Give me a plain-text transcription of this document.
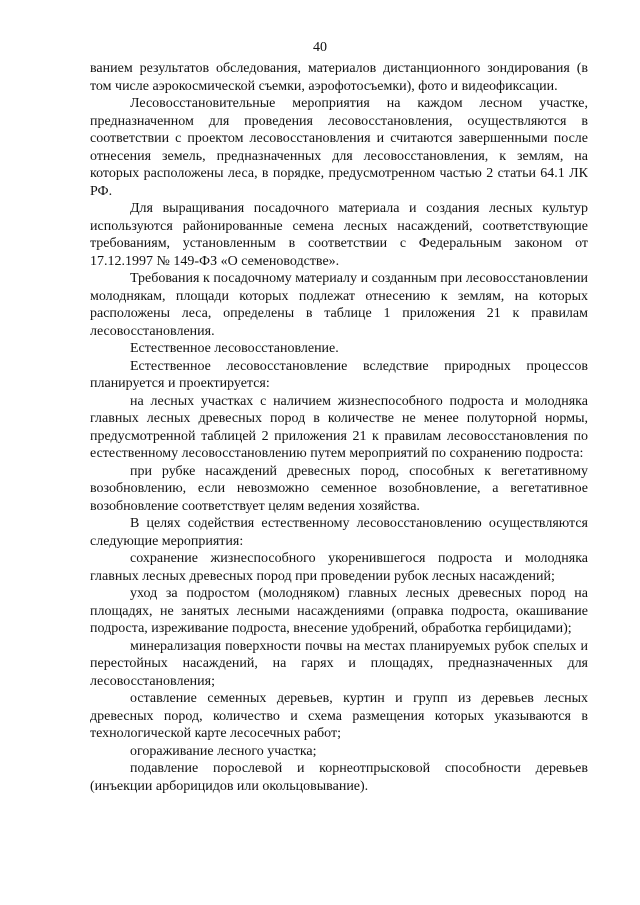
40

ванием результатов обследования, материалов дистанционного зондирования (в том числе аэрокосмической съемки, аэрофотосъемки), фото и видеофиксации.

Лесовосстановительные мероприятия на каждом лесном участке, предназначенном для проведения лесовосстановления, осуществляются в соответствии с проектом лесовосстановления и считаются завершенными после отнесения земель, предназначенных для лесовосстановления, к землям, на которых расположены леса, в порядке, предусмотренном частью 2 статьи 64.1 ЛК РФ.

Для выращивания посадочного материала и создания лесных культур используются районированные семена лесных насаждений, соответствующие требованиям, установленным в соответствии с Федеральным законом от 17.12.1997 № 149-ФЗ «О семеноводстве».

Требования к посадочному материалу и созданным при лесовосстановлении молоднякам, площади которых подлежат отнесению к землям, на которых расположены леса, определены в таблице 1 приложения 21 к правилам лесовосстановления.

Естественное лесовосстановление.

Естественное лесовосстановление вследствие природных процессов планируется и проектируется:

на лесных участках с наличием жизнеспособного подроста и молодняка главных лесных древесных пород в количестве не менее полуторной нормы, предусмотренной таблицей 2 приложения 21 к правилам лесовосстановления по естественному лесовосстановлению путем мероприятий по сохранению подроста:

при рубке насаждений древесных пород, способных к вегетативному возобновлению, если невозможно семенное возобновление, а вегетативное возобновление соответствует целям ведения хозяйства.

В целях содействия естественному лесовосстановлению осуществляются следующие мероприятия:

сохранение жизнеспособного укоренившегося подроста и молодняка главных лесных древесных пород при проведении рубок лесных насаждений;

уход за подростом (молодняком) главных лесных древесных пород на площадях, не занятых лесными насаждениями (оправка подроста, окашивание подроста, изреживание подроста, внесение удобрений, обработка гербицидами);

минерализация поверхности почвы на местах планируемых рубок спелых и перестойных насаждений, на гарях и площадях, предназначенных для лесовосстановления;

оставление семенных деревьев, куртин и групп из деревьев лесных древесных пород, количество и схема размещения которых указываются в технологической карте лесосечных работ;

огораживание лесного участка;

подавление порослевой и корнеотпрысковой способности деревьев (инъекции арборицидов или окольцовывание).
